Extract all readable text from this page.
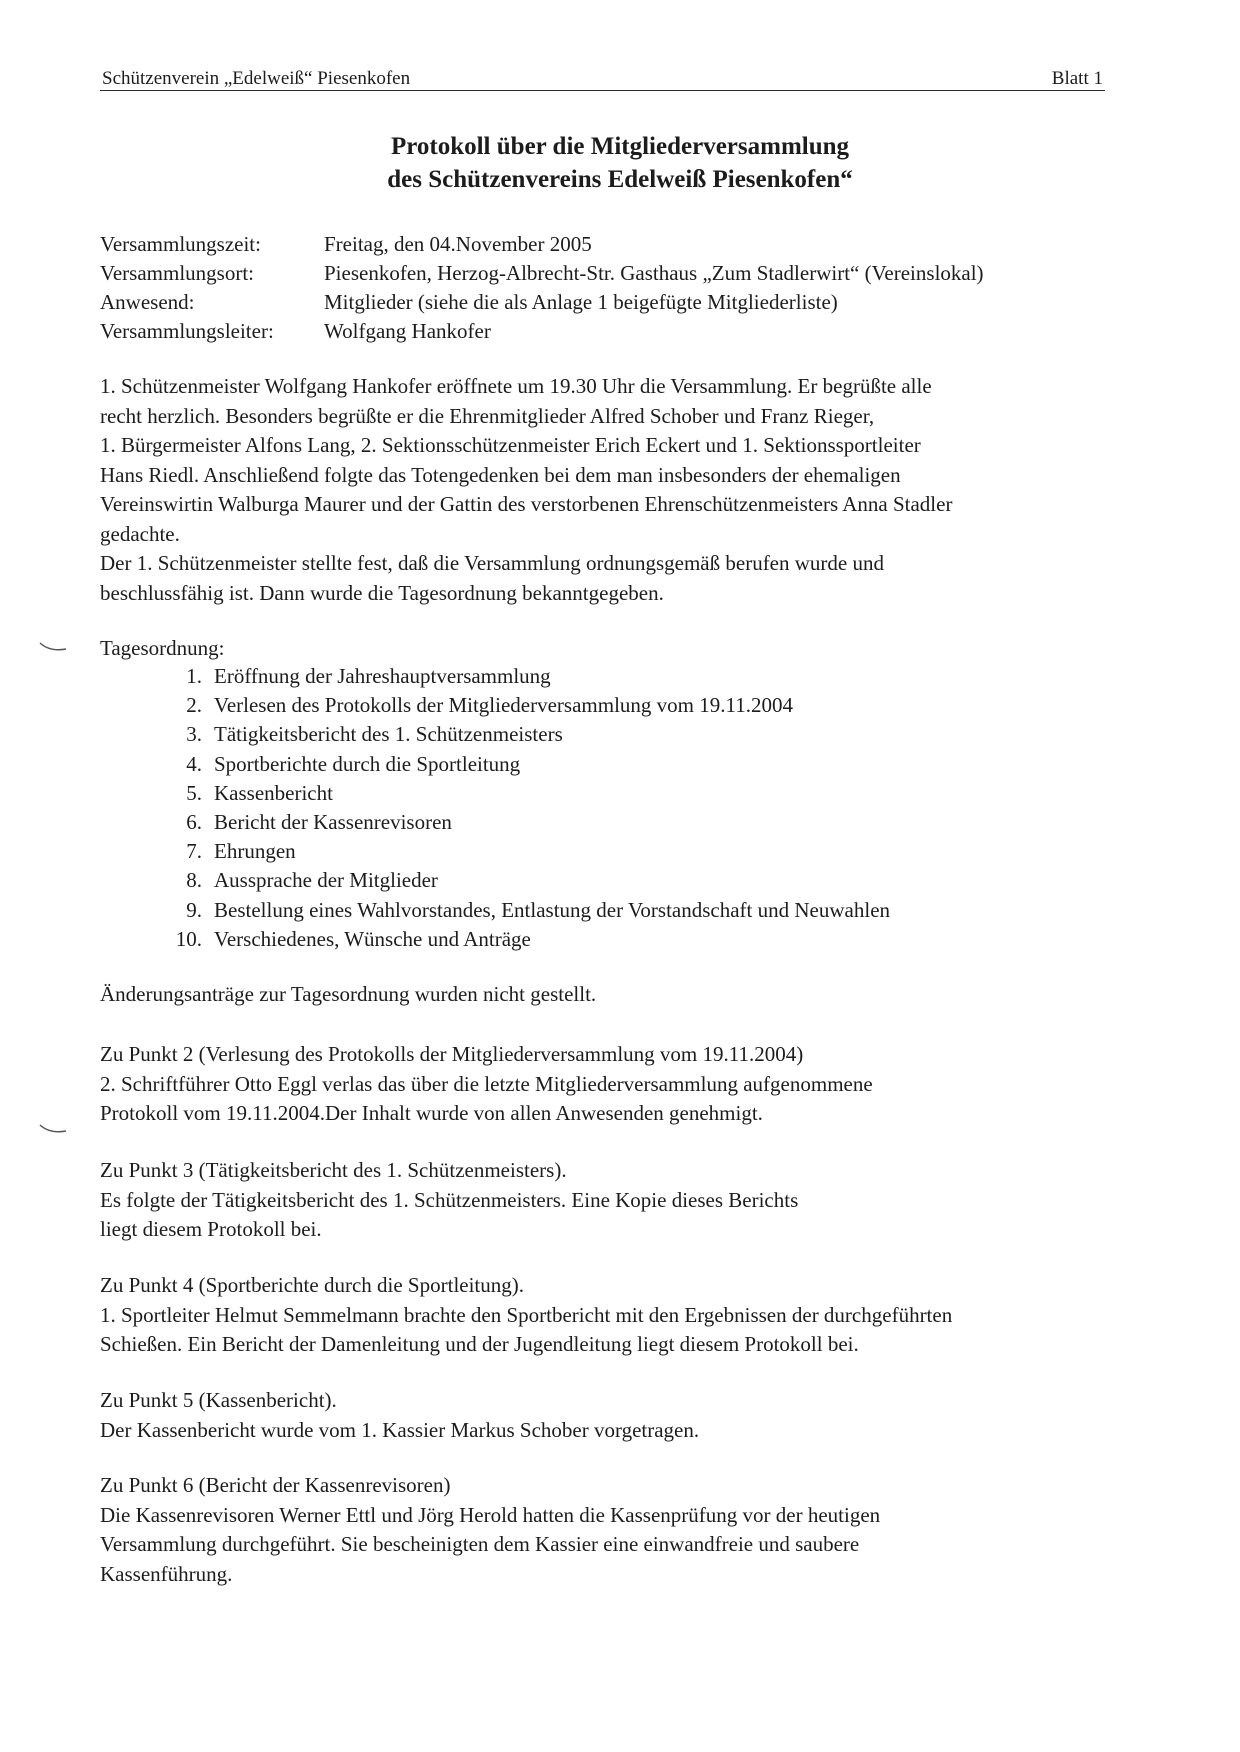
Schützenverein „Edelweiß“ Piesenkofen	Blatt 1
Protokoll über die Mitgliederversammlung
des Schützenvereins Edelweiß Piesenkofen“
Versammlungszeit:	Freitag, den 04.November 2005
Versammlungsort:	Piesenkofen, Herzog-Albrecht-Str. Gasthaus „Zum Stadlerwirt“ (Vereinslokal)
Anwesend:	Mitglieder (siehe die als Anlage 1 beigefügte Mitgliederliste)
Versammlungsleiter:	Wolfgang Hankofer
1. Schützenmeister Wolfgang Hankofer eröffnete um 19.30 Uhr die Versammlung. Er begrüßte alle
recht herzlich. Besonders begrüßte er die Ehrenmitglieder Alfred Schober und Franz Rieger,
1. Bürgermeister Alfons Lang, 2. Sektionsschützenmeister Erich Eckert und 1. Sektionssportleiter
Hans Riedl. Anschließend folgte das Totengedenken bei dem man insbesonders der ehemaligen
Vereinswirtin Walburga Maurer und der Gattin des verstorbenen Ehrenschützenmeisters Anna Stadler
gedachte.
Der 1. Schützenmeister stellte fest, daß die Versammlung ordnungsgemäß berufen wurde und
beschlussfähig ist. Dann wurde die Tagesordnung bekanntgegeben.
Tagesordnung:
1. Eröffnung der Jahreshauptversammlung
2. Verlesen des Protokolls der Mitgliederversammlung vom 19.11.2004
3. Tätigkeitsbericht des 1. Schützenmeisters
4. Sportberichte durch die Sportleitung
5. Kassenbericht
6. Bericht der Kassenrevisoren
7. Ehrungen
8. Aussprache der Mitglieder
9. Bestellung eines Wahlvorstandes, Entlastung der Vorstandschaft und Neuwahlen
10. Verschiedenes, Wünsche und Anträge
Änderungsanträge zur Tagesordnung wurden nicht gestellt.
Zu Punkt 2 (Verlesung des Protokolls der Mitgliederversammlung vom 19.11.2004)
2. Schriftführer Otto Eggl verlas das über die letzte Mitgliederversammlung aufgenommene
Protokoll vom 19.11.2004.Der Inhalt wurde von allen Anwesenden genehmigt.
Zu Punkt 3 (Tätigkeitsbericht des 1. Schützenmeisters).
Es folgte der Tätigkeitsbericht des 1. Schützenmeisters. Eine Kopie dieses Berichts
liegt diesem Protokoll bei.
Zu Punkt 4 (Sportberichte durch die Sportleitung).
1. Sportleiter Helmut Semmelmann brachte den Sportbericht mit den Ergebnissen der durchgeführten
Schießen. Ein Bericht der Damenleitung und der Jugendleitung liegt diesem Protokoll bei.
Zu Punkt 5 (Kassenbericht).
Der Kassenbericht wurde vom 1. Kassier Markus Schober vorgetragen.
Zu Punkt 6 (Bericht der Kassenrevisoren)
Die Kassenrevisoren Werner Ettl und Jörg Herold hatten die Kassenprüfung vor der heutigen
Versammlung durchgeführt. Sie bescheinigten dem Kassier eine einwandfreie und saubere
Kassenführung.
